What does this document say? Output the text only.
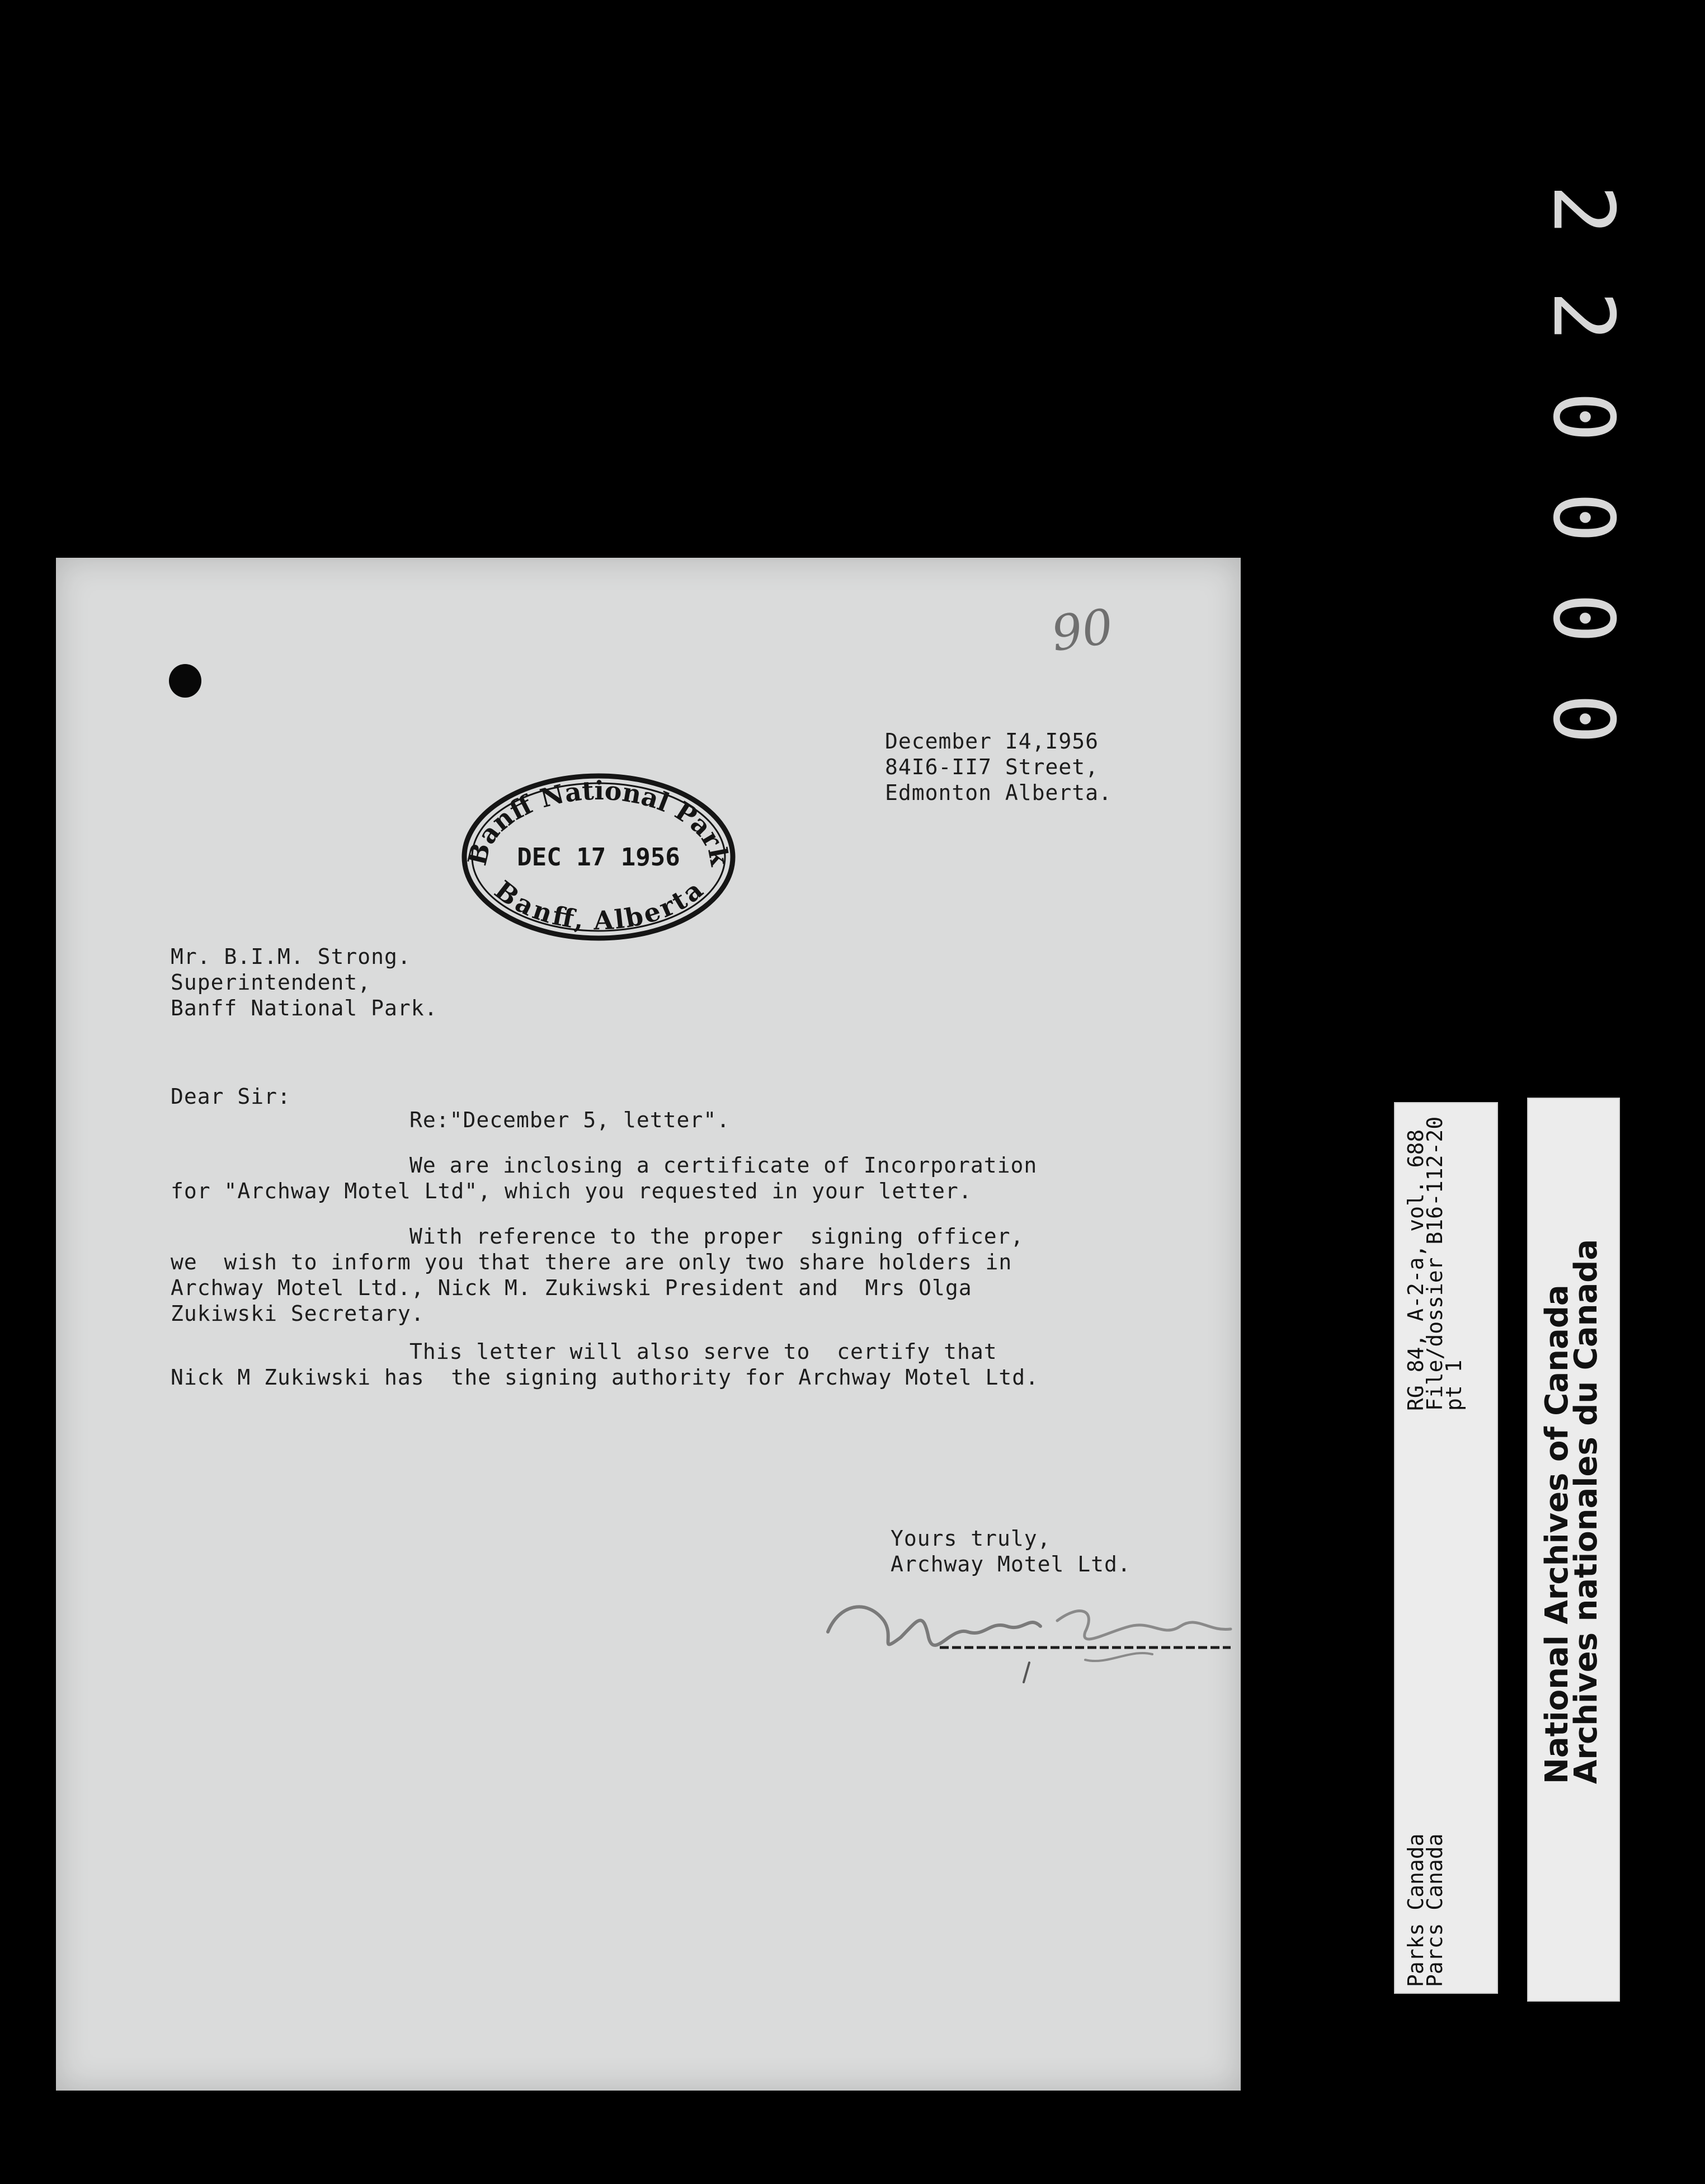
2
2
0
0
0
0
90
December I4,I956
84I6-II7 Street,
Edmonton Alberta.
Banff National Park
DEC 17 1956
Banff, Alberta
Mr. B.I.M. Strong.
Superintendent,
Banff National Park.
Dear Sir:
Re:"December 5, letter".
We are inclosing a certificate of Incorporation
for "Archway Motel Ltd", which you requested in your letter.
With reference to the proper  signing officer,
we  wish to inform you that there are only two share holders in
Archway Motel Ltd., Nick M. Zukiwski President and  Mrs Olga
Zukiwski Secretary.
This letter will also serve to  certify that
Nick M Zukiwski has  the signing authority for Archway Motel Ltd.
Yours truly,
Archway Motel Ltd.
Parks Canada
Parcs Canada
RG 84, A-2-a, vol. 688
File/dossier B16-112-20
pt 1 National Archives of Canada
Archives nationales du Canada
